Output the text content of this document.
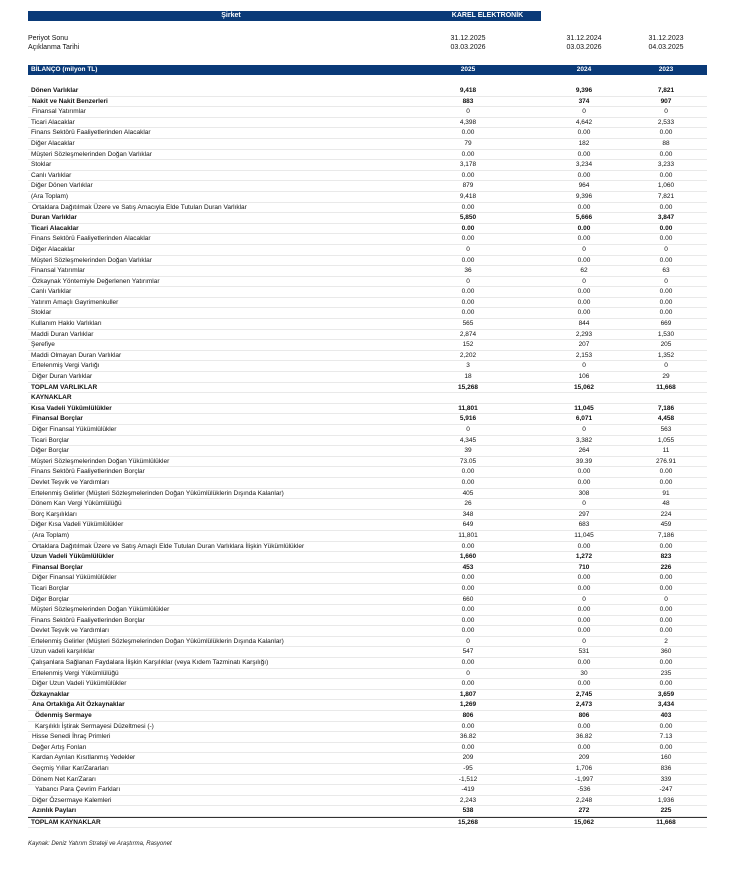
Şirket	KAREL ELEKTRONİK
Periyot Sonu	31.12.2025	31.12.2024	31.12.2023
Açıklanma Tarihi	03.03.2026	03.03.2026	04.03.2025
BİLANÇO (milyon TL)	2025	2024	2023
Dönen Varlıklar	9,418	9,396	7,821
Nakit ve Nakit Benzerleri	883	374	907
Finansal Yatırımlar	0	0	0
Ticari Alacaklar	4,398	4,642	2,533
Finans Sektörü Faaliyetlerinden Alacaklar	0.00	0.00	0.00
Diğer Alacaklar	79	182	88
Müşteri Sözleşmelerinden Doğan Varlıklar	0.00	0.00	0.00
Stoklar	3,178	3,234	3,233
Canlı Varlıklar	0.00	0.00	0.00
Diğer Dönen Varlıklar	879	964	1,060
(Ara Toplam)	9,418	9,396	7,821
Ortaklara Dağıtılmak Üzere ve Satış Amacıyla Elde Tutulan Duran Varlıklar	0.00	0.00	0.00
Duran Varlıklar	5,850	5,666	3,847
Ticari Alacaklar	0.00	0.00	0.00
Finans Sektörü Faaliyetlerinden Alacaklar	0.00	0.00	0.00
Diğer Alacaklar	0	0	0
Müşteri Sözleşmelerinden Doğan Varlıklar	0.00	0.00	0.00
Finansal Yatırımlar	36	62	63
Özkaynak Yöntemiyle Değerlenen Yatırımlar	0	0	0
Canlı Varlıklar	0.00	0.00	0.00
Yatırım Amaçlı Gayrimenkuller	0.00	0.00	0.00
Stoklar	0.00	0.00	0.00
Kullanım Hakkı Varlıkları	565	844	669
Maddi Duran Varlıklar	2,874	2,293	1,530
Şerefiye	152	207	205
Maddi Olmayan Duran Varlıklar	2,202	2,153	1,352
Ertelenmiş Vergi Varlığı	3	0	0
Diğer Duran Varlıklar	18	106	29
TOPLAM VARLIKLAR	15,268	15,062	11,668
KAYNAKLAR
Kısa Vadeli Yükümlülükler	11,801	11,045	7,186
Finansal Borçlar	5,916	6,071	4,458
Diğer Finansal Yükümlülükler	0	0	563
Ticari Borçlar	4,345	3,382	1,055
Diğer Borçlar	39	264	11
Müşteri Sözleşmelerinden Doğan Yükümlülükler	73.05	39.39	276.91
Finans Sektörü Faaliyetlerinden Borçlar	0.00	0.00	0.00
Devlet Teşvik ve Yardımları	0.00	0.00	0.00
Ertelenmiş Gelirler (Müşteri Sözleşmelerinden Doğan Yükümlülüklerin Dışında Kalanlar)	405	308	91
Dönem Karı Vergi Yükümlülüğü	26	0	48
Borç Karşılıkları	348	297	224
Diğer Kısa Vadeli Yükümlülükler	649	683	459
(Ara Toplam)	11,801	11,045	7,186
Ortaklara Dağıtılmak Üzere ve Satış Amaçlı Elde Tutulan Duran Varlıklara İlişkin Yükümlülükler	0.00	0.00	0.00
Uzun Vadeli Yükümlülükler	1,660	1,272	823
Finansal Borçlar	453	710	226
Diğer Finansal Yükümlülükler	0.00	0.00	0.00
Ticari Borçlar	0.00	0.00	0.00
Diğer Borçlar	660	0	0
Müşteri Sözleşmelerinden Doğan Yükümlülükler	0.00	0.00	0.00
Finans Sektörü Faaliyetlerinden Borçlar	0.00	0.00	0.00
Devlet Teşvik ve Yardımları	0.00	0.00	0.00
Ertelenmiş Gelirler (Müşteri Sözleşmelerinden Doğan Yükümlülüklerin Dışında Kalanlar)	0	0	2
Uzun vadeli karşılıklar	547	531	360
Çalışanlara Sağlanan Faydalara İlişkin Karşılıklar (veya Kıdem Tazminatı Karşılığı)	0.00	0.00	0.00
Ertelenmiş Vergi Yükümlülüğü	0	30	235
Diğer Uzun Vadeli Yükümlülükler	0.00	0.00	0.00
Özkaynaklar	1,807	2,745	3,659
Ana Ortaklığa Ait Özkaynaklar	1,269	2,473	3,434
Ödenmiş Sermaye	806	806	403
Karşılıklı İştirak Sermayesi Düzeltmesi (-)	0.00	0.00	0.00
Hisse Senedi İhraç Primleri	36.82	36.82	7.13
Değer Artış Fonları	0.00	0.00	0.00
Kardan Ayrılan Kısıtlanmış Yedekler	209	209	160
Geçmiş Yıllar Kar/Zararları	-95	1,706	836
Dönem Net Kar/Zararı	-1,512	-1,997	339
Yabancı Para Çevrim Farkları	-419	-536	-247
Diğer Özsermaye Kalemleri	2,243	2,248	1,936
Azınlık Payları	538	272	225
TOPLAM KAYNAKLAR	15,268	15,062	11,668
Kaynak: Deniz Yatırım Strateji ve Araştırma, Rasyonet
